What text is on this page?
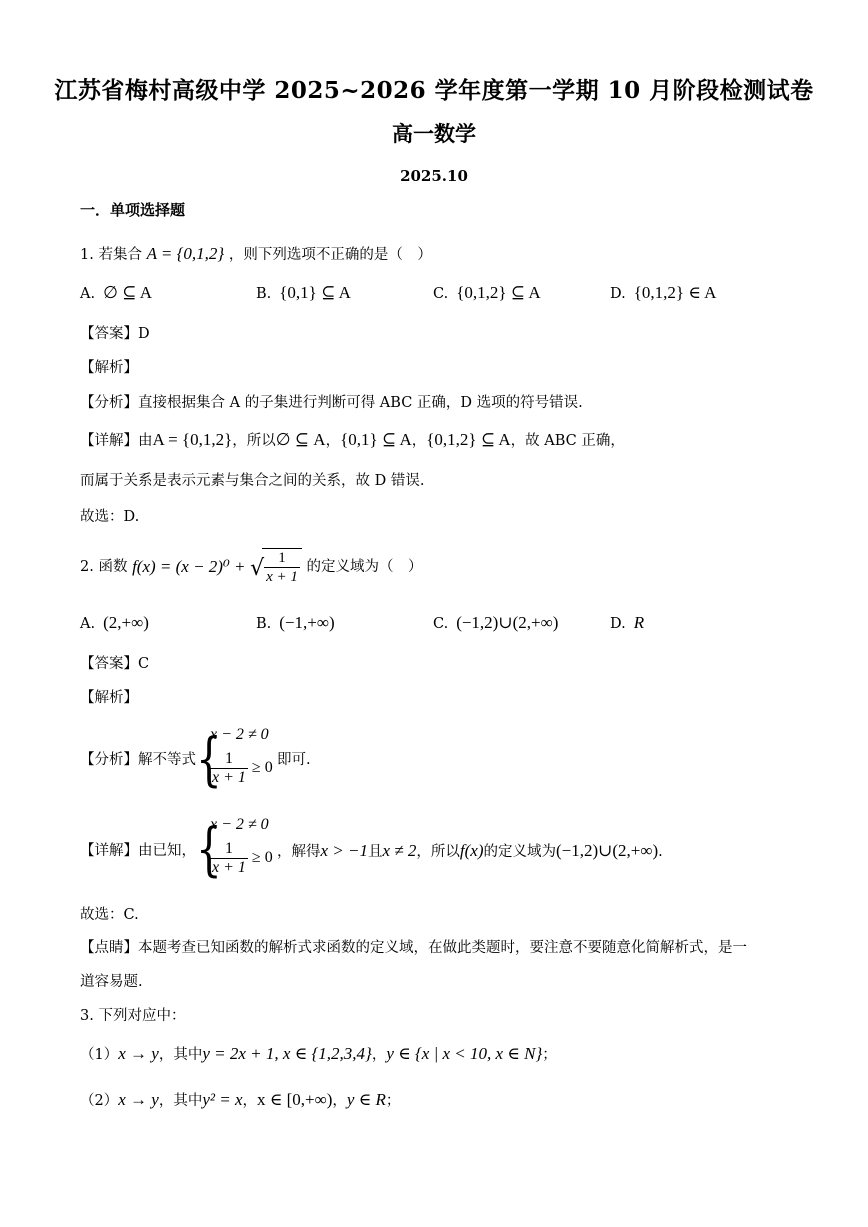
江苏省梅村高级中学 2025~2026 学年度第一学期 10 月阶段检测试卷
高一数学
2025.10
一．单项选择题
1. 若集合 A = {0,1,2} ，则下列选项不正确的是（　）
A. ∅ ⊆ A	B. {0,1} ⊆ A	C. {0,1,2} ⊆ A	D. {0,1,2} ∈ A
【答案】D
【解析】
【分析】直接根据集合 A 的子集进行判断可得 ABC 正确，D 选项的符号错误.
【详解】由A = {0,1,2}，所以∅ ⊆ A，{0,1} ⊆ A，{0,1,2} ⊆ A，故 ABC 正确，
而属于关系是表示元素与集合之间的关系，故 D 错误.
故选：D.
2. 函数 f(x) = (x − 2)⁰ + √ $\frac{1}{x + 1}$ 的定义域为（　）
A. (2,+∞)	B. (−1,+∞)	C. (−1,2)∪(2,+∞)	D. R
【答案】C
【解析】
【分析】解不等式 {
x − 2 ≠ 0
$\frac{1}{x + 1} \ge 0$ 即可.
【详解】由已知， {
x − 2 ≠ 0
$\frac{1}{x + 1} \ge 0$ ，解得x > −1且x ≠ 2，所以f(x)的定义域为(−1,2)∪(2,+∞).
故选：C.
【点睛】本题考查已知函数的解析式求函数的定义域，在做此类题时，要注意不要随意化简解析式，是一
道容易题.
3. 下列对应中：
（1）x → y，其中y = 2x + 1, x ∈ {1,2,3,4}，y ∈ {x | x < 10, x ∈ N}；
（2）x → y，其中y² = x，x ∈ [0,+∞)，y ∈ R；
